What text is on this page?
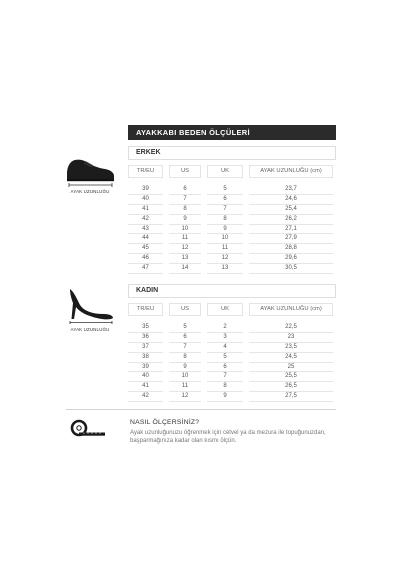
AYAKKABI BEDEN ÖLÇÜLERİ
ERKEK
TR/EU	US	UK	AYAK UZUNLUĞU (cm)
39	6	5	23,7
40	7	6	24,6
41	8	7	25,4
42	9	8	26,2
43	10	9	27,1
44	11	10	27,9
45	12	11	28,8
46	13	12	29,6
47	14	13	30,5
AYAK UZUNLUĞU
KADIN
TR/EU	US	UK	AYAK UZUNLUĞU (cm)
35	5	2	22,5
36	6	3	23
37	7	4	23,5
38	8	5	24,5
39	9	6	25
40	10	7	25,5
41	11	8	26,5
42	12	9	27,5
AYAK UZUNLUĞU
NASIL ÖLÇERSİNİZ?
Ayak uzunluğunuzu öğrenmek için cetvel ya da mezura ile topuğunuzdan, başparmağınıza kadar olan kısmı ölçün.
